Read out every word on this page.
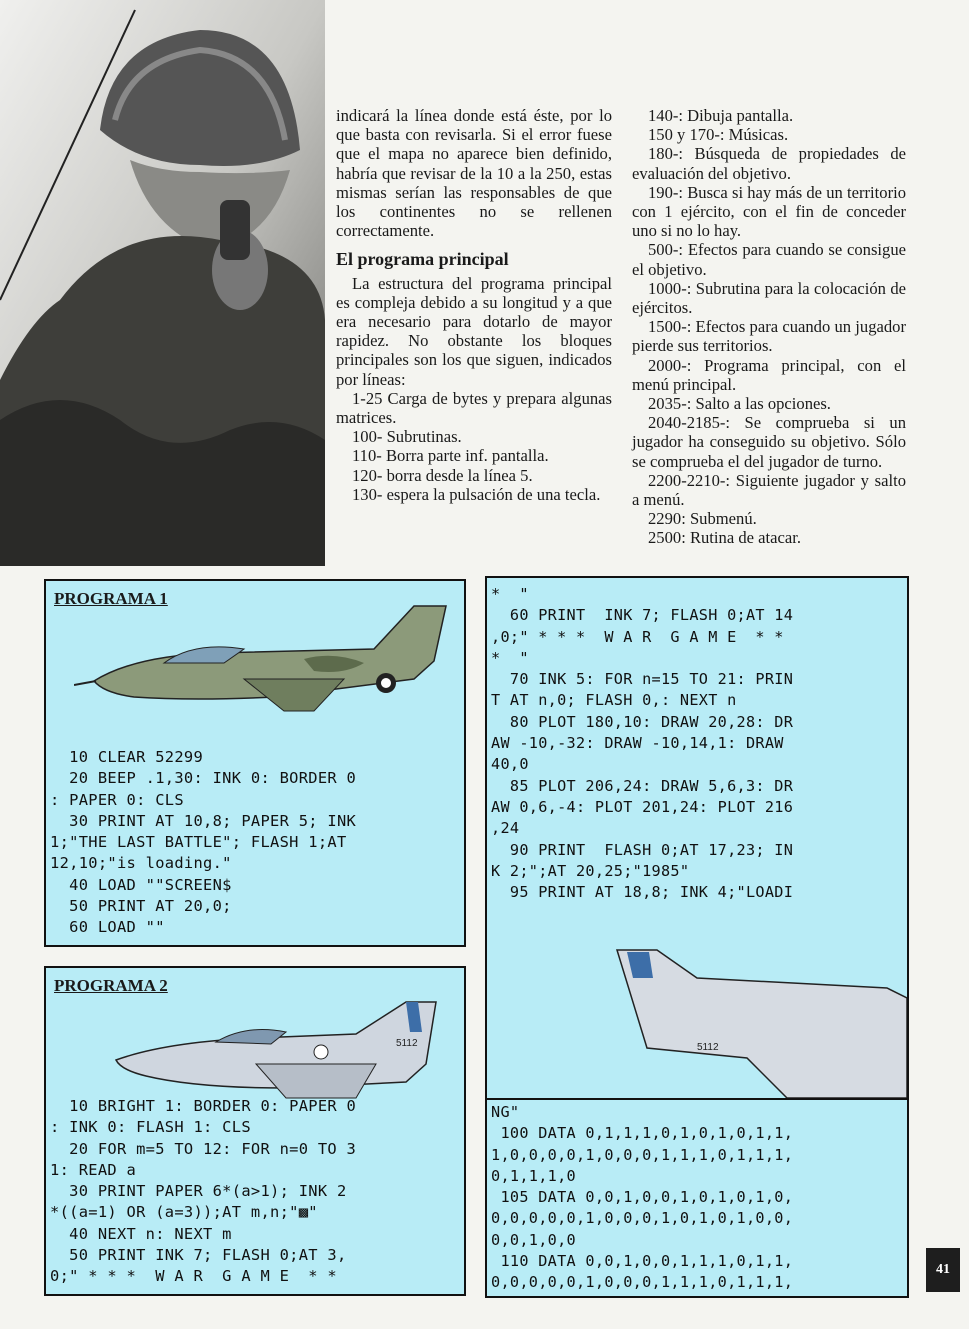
indicará la línea donde está éste, por lo que basta con revisarla. Si el error fuese que el mapa no aparece bien definido, habría que revisar de la 10 a la 250, estas mismas serían las responsables de que los continentes no se rellenen correctamente.

El programa principal

La estructura del programa principal es compleja debido a su longitud y a que era necesario para dotarlo de mayor rapidez. No obstante los bloques principales son los que siguen, indicados por líneas:

1-25 Carga de bytes y prepara algunas matrices.

100- Subrutinas.

110- Borra parte inf. pantalla.

120- borra desde la línea 5.

130- espera la pulsación de una tecla.

140-: Dibuja pantalla.

150 y 170-: Músicas.

180-: Búsqueda de propiedades de evaluación del objetivo.

190-: Busca si hay más de un territorio con 1 ejército, con el fin de conceder uno si no lo hay.

500-: Efectos para cuando se consigue el objetivo.

1000-: Subrutina para la colocación de ejércitos.

1500-: Efectos para cuando un jugador pierde sus territorios.

2000-: Programa principal, con el menú principal.

2035-: Salto a las opciones.

2040-2185-: Se comprueba si un jugador ha conseguido su objetivo. Sólo se comprueba el del jugador de turno.

2200-2210-: Siguiente jugador y salto a menú.

2290: Submenú.

2500: Rutina de atacar.

PROGRAMA 1
10 CLEAR 52299
20 BEEP .1,30: INK 0: BORDER 0
: PAPER 0: CLS
30 PRINT AT 10,8; PAPER 5; INK
1;"THE LAST BATTLE"; FLASH 1;AT
12,10;"is loading."
40 LOAD ""SCREEN$
50 PRINT AT 20,0;
60 LOAD ""
PROGRAMA 2
5112
10 BRIGHT 1: BORDER 0: PAPER 0
: INK 0: FLASH 1: CLS
20 FOR m=5 TO 12: FOR n=0 TO 3
1: READ a
30 PRINT PAPER 6*(a>1); INK 2
*((a=1) OR (a=3));AT m,n;"▩"
40 NEXT n: NEXT m
50 PRINT INK 7; FLASH 0;AT 3,
0;" * * *  W A R  G A M E  * *
*  "
60 PRINT  INK 7; FLASH 0;AT 14
,0;" * * *  W A R  G A M E  * *
*  "
70 INK 5: FOR n=15 TO 21: PRIN
T AT n,0; FLASH 0,: NEXT n
80 PLOT 180,10: DRAW 20,28: DR
AW -10,-32: DRAW -10,14,1: DRAW
40,0
85 PLOT 206,24: DRAW 5,6,3: DR
AW 0,6,-4: PLOT 201,24: PLOT 216
,24
90 PRINT  FLASH 0;AT 17,23; IN
K 2;";AT 20,25;"1985"
95 PRINT AT 18,8; INK 4;"LOADI
5112
NG"
100 DATA 0,1,1,1,0,1,0,1,0,1,1,
1,0,0,0,0,1,0,0,0,1,1,1,0,1,1,1,
0,1,1,1,0
105 DATA 0,0,1,0,0,1,0,1,0,1,0,
0,0,0,0,0,1,0,0,0,1,0,1,0,1,0,0,
0,0,1,0,0
110 DATA 0,0,1,0,0,1,1,1,0,1,1,
0,0,0,0,0,1,0,0,0,1,1,1,0,1,1,1,
41
